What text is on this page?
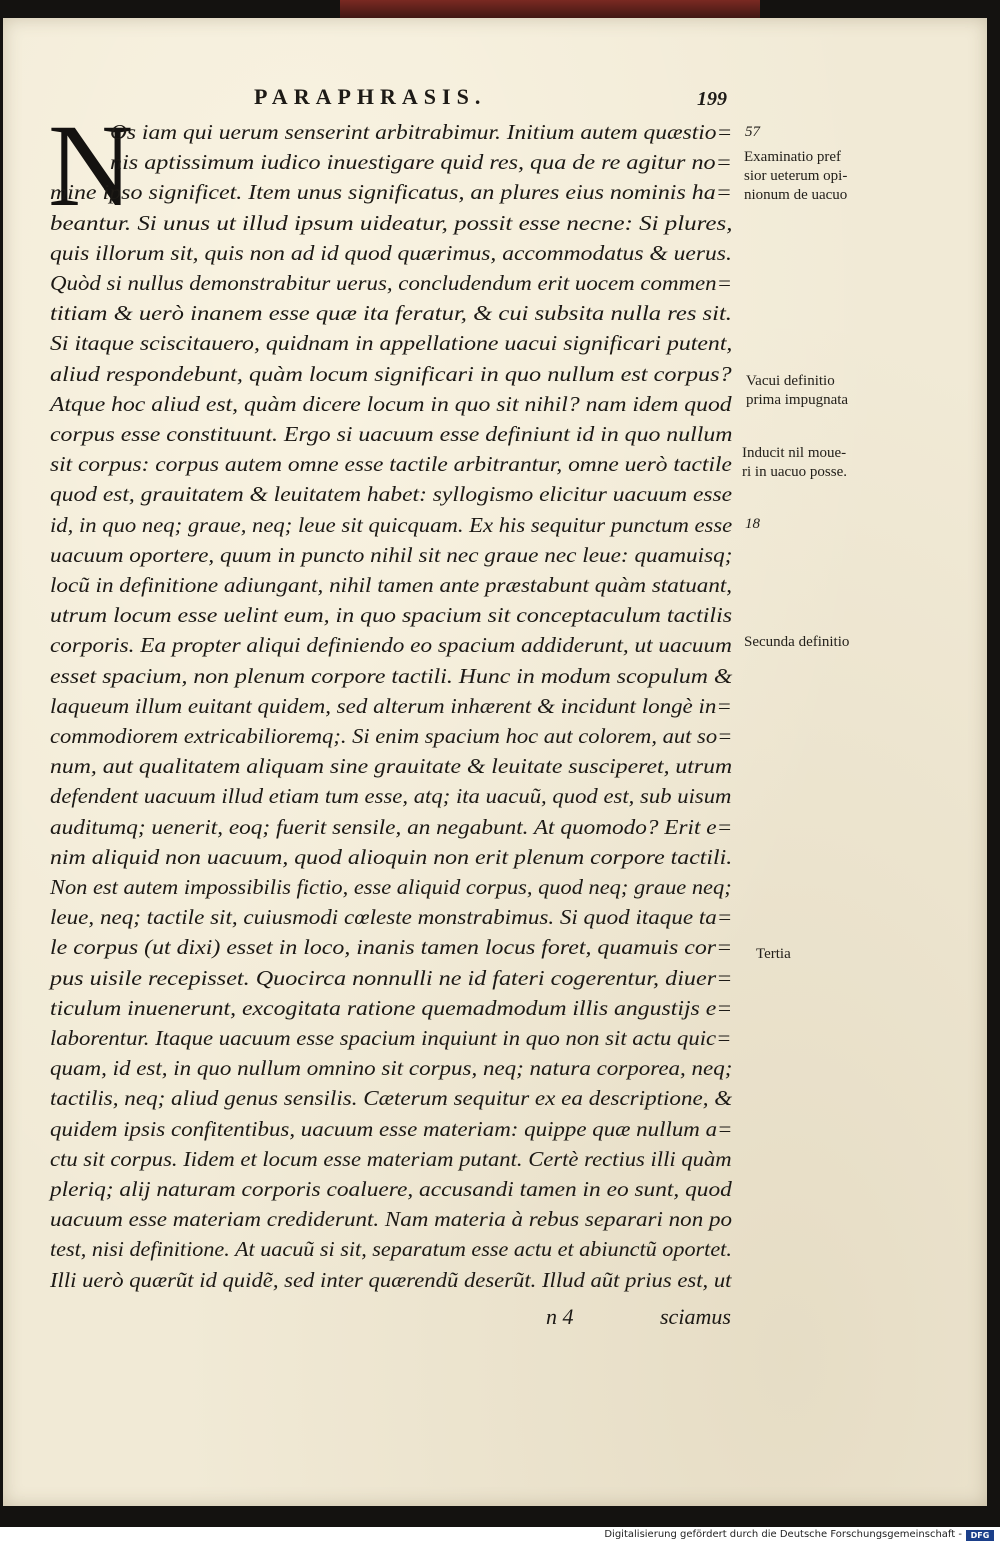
PARAPHRASIS.	199
N
Os iam qui uerum senserint arbitrabimur. Initium autem quæstio=
nis aptissimum iudico inuestigare quid res, qua de re agitur no=
mine ipso significet. Item unus significatus, an plures eius nominis ha=
beantur. Si unus ut illud ipsum uideatur, possit esse necne: Si plures,
quis illorum sit, quis non ad id quod quærimus, accommodatus & uerus.
Quòd si nullus demonstrabitur uerus, concludendum erit uocem commen=
titiam & uerò inanem esse quæ ita feratur, & cui subsita nulla res sit.
Si itaque sciscitauero, quidnam in appellatione uacui significari putent,
aliud respondebunt, quàm locum significari in quo nullum est corpus?
Atque hoc aliud est, quàm dicere locum in quo sit nihil? nam idem quod
corpus esse constituunt. Ergo si uacuum esse definiunt id in quo nullum
sit corpus: corpus autem omne esse tactile arbitrantur, omne uerò tactile
quod est, grauitatem & leuitatem habet: syllogismo elicitur uacuum esse
id, in quo neq; graue, neq; leue sit quicquam. Ex his sequitur punctum esse
uacuum oportere, quum in puncto nihil sit nec graue nec leue: quamuisq;
locũ in definitione adiungant, nihil tamen ante præstabunt quàm statuant,
utrum locum esse uelint eum, in quo spacium sit conceptaculum tactilis
corporis. Ea propter aliqui definiendo eo spacium addiderunt, ut uacuum
esset spacium, non plenum corpore tactili. Hunc in modum scopulum &
laqueum illum euitant quidem, sed alterum inhærent & incidunt longè in=
commodiorem extricabilioremq;. Si enim spacium hoc aut colorem, aut so=
num, aut qualitatem aliquam sine grauitate & leuitate susciperet, utrum
defendent uacuum illud etiam tum esse, atq; ita uacuũ, quod est, sub uisum
auditumq; uenerit, eoq; fuerit sensile, an negabunt. At quomodo? Erit e=
nim aliquid non uacuum, quod alioquin non erit plenum corpore tactili.
Non est autem impossibilis fictio, esse aliquid corpus, quod neq; graue neq;
leue, neq; tactile sit, cuiusmodi cœleste monstrabimus. Si quod itaque ta=
le corpus (ut dixi) esset in loco, inanis tamen locus foret, quamuis cor=
pus uisile recepisset. Quocirca nonnulli ne id fateri cogerentur, diuer=
ticulum inuenerunt, excogitata ratione quemadmodum illis angustijs e=
laborentur. Itaque uacuum esse spacium inquiunt in quo non sit actu quic=
quam, id est, in quo nullum omnino sit corpus, neq; natura corporea, neq;
tactilis, neq; aliud genus sensilis. Cæterum sequitur ex ea descriptione, &
quidem ipsis confitentibus, uacuum esse materiam: quippe quæ nullum a=
ctu sit corpus. Iidem et locum esse materiam putant. Certè rectius illi quàm
pleriq; alij naturam corporis coaluere, accusandi tamen in eo sunt, quod
uacuum esse materiam crediderunt. Nam materia à rebus separari non po
test, nisi definitione. At uacuũ si sit, separatum esse actu et abiunctũ oportet.
Illi uerò quærũt id quidẽ, sed inter quærendũ deserũt. Illud aũt prius est, ut
57
Examinatio pref
sior ueterum opi-
nionum de uacuo
Vacui definitio
prima impugnata
Inducit nil moue-
ri in uacuo posse.
18
Secunda definitio
Tertia
n 4	sciamus
Digitalisierung gefördert durch die Deutsche Forschungsgemeinschaft -	DFG
